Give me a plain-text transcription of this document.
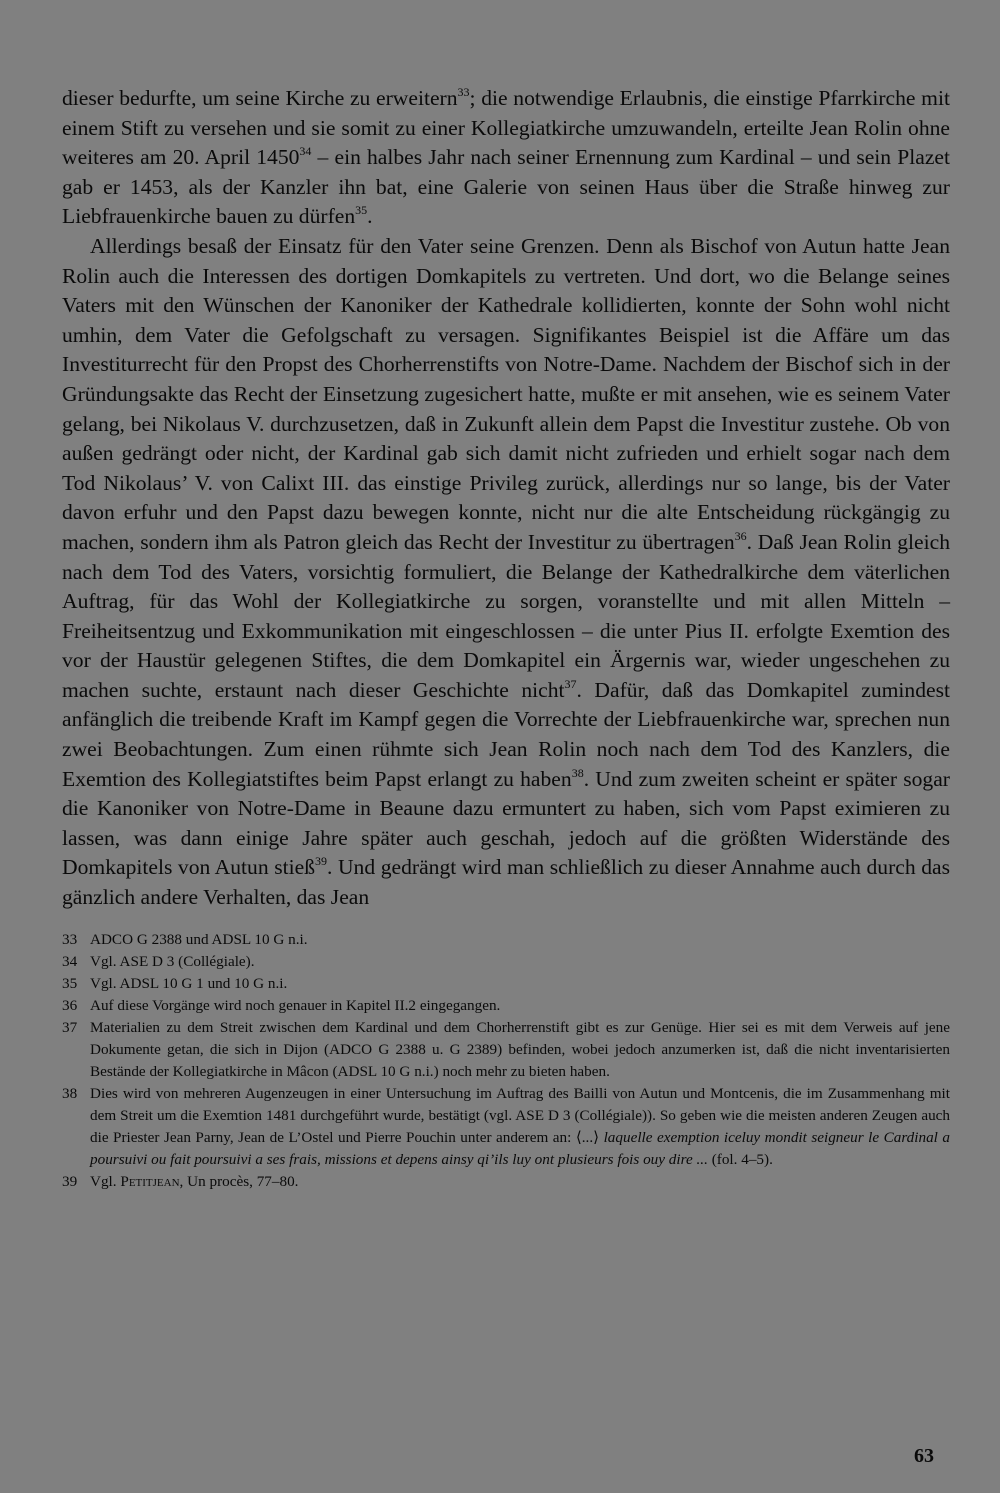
dieser bedurfte, um seine Kirche zu erweitern$^{33}$; die notwendige Erlaubnis, die einstige Pfarrkirche mit einem Stift zu versehen und sie somit zu einer Kollegiatkirche umzuwandeln, erteilte Jean Rolin ohne weiteres am 20. April 1450$^{34}$ – ein halbes Jahr nach seiner Ernennung zum Kardinal – und sein Plazet gab er 1453, als der Kanzler ihn bat, eine Galerie von seinen Haus über die Straße hinweg zur Liebfrauenkirche bauen zu dürfen$^{35}$.

Allerdings besaß der Einsatz für den Vater seine Grenzen. Denn als Bischof von Autun hatte Jean Rolin auch die Interessen des dortigen Domkapitels zu vertreten. Und dort, wo die Belange seines Vaters mit den Wünschen der Kanoniker der Kathedrale kollidierten, konnte der Sohn wohl nicht umhin, dem Vater die Gefolgschaft zu versagen. Signifikantes Beispiel ist die Affäre um das Investiturrecht für den Propst des Chorherrenstifts von Notre-Dame. Nachdem der Bischof sich in der Gründungsakte das Recht der Einsetzung zugesichert hatte, mußte er mit ansehen, wie es seinem Vater gelang, bei Nikolaus V. durchzusetzen, daß in Zukunft allein dem Papst die Investitur zustehe. Ob von außen gedrängt oder nicht, der Kardinal gab sich damit nicht zufrieden und erhielt sogar nach dem Tod Nikolaus’ V. von Calixt III. das einstige Privileg zurück, allerdings nur so lange, bis der Vater davon erfuhr und den Papst dazu bewegen konnte, nicht nur die alte Entscheidung rückgängig zu machen, sondern ihm als Patron gleich das Recht der Investitur zu übertragen$^{36}$. Daß Jean Rolin gleich nach dem Tod des Vaters, vorsichtig formuliert, die Belange der Kathedralkirche dem väterlichen Auftrag, für das Wohl der Kollegiatkirche zu sorgen, voranstellte und mit allen Mitteln – Freiheitsentzug und Exkommunikation mit eingeschlossen – die unter Pius II. erfolgte Exemtion des vor der Haustür gelegenen Stiftes, die dem Domkapitel ein Ärgernis war, wieder ungeschehen zu machen suchte, erstaunt nach dieser Geschichte nicht$^{37}$. Dafür, daß das Domkapitel zumindest anfänglich die treibende Kraft im Kampf gegen die Vorrechte der Liebfrauenkirche war, sprechen nun zwei Beobachtungen. Zum einen rühmte sich Jean Rolin noch nach dem Tod des Kanzlers, die Exemtion des Kollegiatstiftes beim Papst erlangt zu haben$^{38}$. Und zum zweiten scheint er später sogar die Kanoniker von Notre-Dame in Beaune dazu ermuntert zu haben, sich vom Papst eximieren zu lassen, was dann einige Jahre später auch geschah, jedoch auf die größten Widerstände des Domkapitels von Autun stieß$^{39}$. Und gedrängt wird man schließlich zu dieser Annahme auch durch das gänzlich andere Verhalten, das Jean

33 ADCO G 2388 und ADSL 10 G n.i.
34 Vgl. ASE D 3 (Collégiale).
35 Vgl. ADSL 10 G 1 und 10 G n.i.
36 Auf diese Vorgänge wird noch genauer in Kapitel II.2 eingegangen.
37 Materialien zu dem Streit zwischen dem Kardinal und dem Chorherrenstift gibt es zur Genüge. Hier sei es mit dem Verweis auf jene Dokumente getan, die sich in Dijon (ADCO G 2388 u. G 2389) befinden, wobei jedoch anzumerken ist, daß die nicht inventarisierten Bestände der Kollegiatkirche in Mâcon (ADSL 10 G n.i.) noch mehr zu bieten haben.
38 Dies wird von mehreren Augenzeugen in einer Untersuchung im Auftrag des Bailli von Autun und Montcenis, die im Zusammenhang mit dem Streit um die Exemtion 1481 durchgeführt wurde, bestätigt (vgl. ASE D 3 (Collégiale)). So geben wie die meisten anderen Zeugen auch die Priester Jean Parny, Jean de L’Ostel und Pierre Pouchin unter anderem an: ⟨...⟩ laquelle exemption iceluy mondit seigneur le Cardinal a poursuivi ou fait poursuivi a ses frais, missions et depens ainsy qi’ils luy ont plusieurs fois ouy dire ... (fol. 4–5).
39 Vgl. Petitjean, Un procès, 77–80.
63
